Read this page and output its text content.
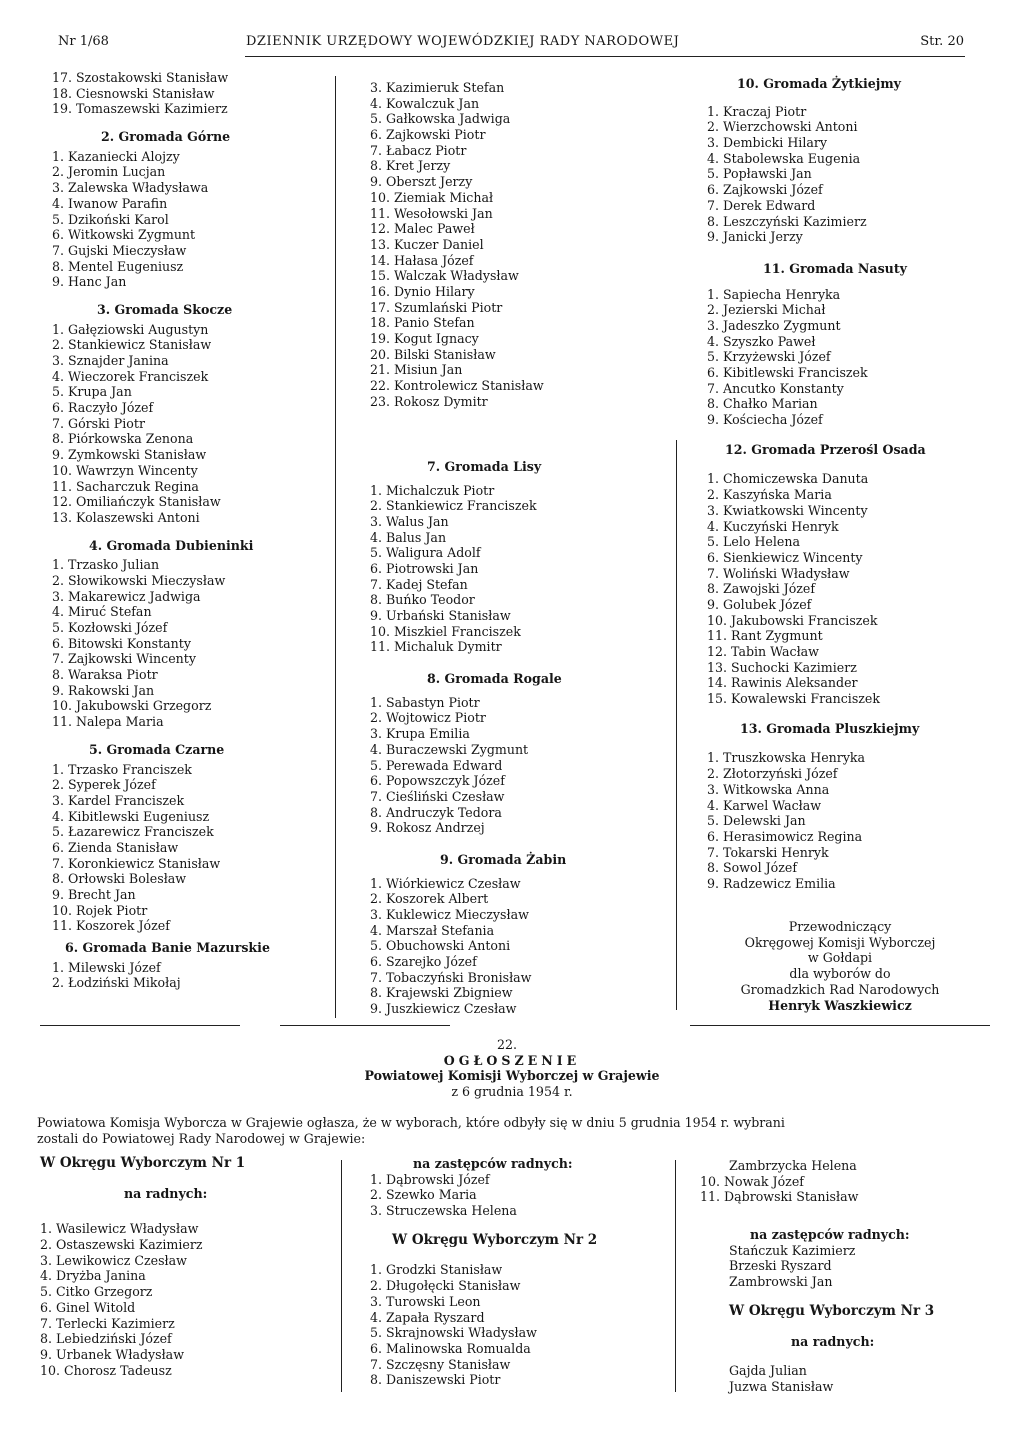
Nr 1/68	DZIENNIK URZĘDOWY WOJEWÓDZKIEJ RADY NARODOWEJ	Str. 20
17. Szostakowski Stanisław
18. Ciesnowski Stanisław
19. Tomaszewski Kazimierz
2. Gromada Górne
1. Kazaniecki Alojzy
2. Jeromin Lucjan
3. Zalewska Władysława
4. Iwanow Parafin
5. Dzikoński Karol
6. Witkowski Zygmunt
7. Gujski Mieczysław
8. Mentel Eugeniusz
9. Hanc Jan
3. Gromada Skocze
1. Gałęziowski Augustyn
2. Stankiewicz Stanisław
3. Sznajder Janina
4. Wieczorek Franciszek
5. Krupa Jan
6. Raczyło Józef
7. Górski Piotr
8. Piórkowska Zenona
9. Zymkowski Stanisław
10. Wawrzyn Wincenty
11. Sacharczuk Regina
12. Omiliańczyk Stanisław
13. Kolaszewski Antoni
4. Gromada Dubieninki
1. Trzasko Julian
2. Słowikowski Mieczysław
3. Makarewicz Jadwiga
4. Miruć Stefan
5. Kozłowski Józef
6. Bitowski Konstanty
7. Zajkowski Wincenty
8. Waraksa Piotr
9. Rakowski Jan
10. Jakubowski Grzegorz
11. Nalepa Maria
5. Gromada Czarne
1. Trzasko Franciszek
2. Syperek Józef
3. Kardel Franciszek
4. Kibitlewski Eugeniusz
5. Łazarewicz Franciszek
6. Zienda Stanisław
7. Koronkiewicz Stanisław
8. Orłowski Bolesław
9. Brecht Jan
10. Rojek Piotr
11. Koszorek Józef
6. Gromada Banie Mazurskie
1. Milewski Józef
2. Łodziński Mikołaj
3. Kazimieruk Stefan
4. Kowalczuk Jan
5. Gałkowska Jadwiga
6. Zajkowski Piotr
7. Łabacz Piotr
8. Kret Jerzy
9. Oberszt Jerzy
10. Ziemiak Michał
11. Wesołowski Jan
12. Malec Paweł
13. Kuczer Daniel
14. Hałasa Józef
15. Walczak Władysław
16. Dynio Hilary
17. Szumlański Piotr
18. Panio Stefan
19. Kogut Ignacy
20. Bilski Stanisław
21. Misiun Jan
22. Kontrolewicz Stanisław
23. Rokosz Dymitr
7. Gromada Lisy
1. Michalczuk Piotr
2. Stankiewicz Franciszek
3. Walus Jan
4. Balus Jan
5. Waligura Adolf
6. Piotrowski Jan
7. Kadej Stefan
8. Buńko Teodor
9. Urbański Stanisław
10. Miszkiel Franciszek
11. Michaluk Dymitr
8. Gromada Rogale
1. Sabastyn Piotr
2. Wojtowicz Piotr
3. Krupa Emilia
4. Buraczewski Zygmunt
5. Perewada Edward
6. Popowszczyk Józef
7. Cieśliński Czesław
8. Andruczyk Tedora
9. Rokosz Andrzej
9. Gromada Żabin
1. Wiórkiewicz Czesław
2. Koszorek Albert
3. Kuklewicz Mieczysław
4. Marszał Stefania
5. Obuchowski Antoni
6. Szarejko Józef
7. Tobaczyński Bronisław
8. Krajewski Zbigniew
9. Juszkiewicz Czesław
10. Gromada Żytkiejmy
1. Kraczaj Piotr
2. Wierzchowski Antoni
3. Dembicki Hilary
4. Stabolewska Eugenia
5. Popławski Jan
6. Zajkowski Józef
7. Derek Edward
8. Leszczyński Kazimierz
9. Janicki Jerzy
11. Gromada Nasuty
1. Sapiecha Henryka
2. Jezierski Michał
3. Jadeszko Zygmunt
4. Szyszko Paweł
5. Krzyżewski Józef
6. Kibitlewski Franciszek
7. Ancutko Konstanty
8. Chałko Marian
9. Kościecha Józef
12. Gromada Przerośl Osada
1. Chomiczewska Danuta
2. Kaszyńska Maria
3. Kwiatkowski Wincenty
4. Kuczyński Henryk
5. Lelo Helena
6. Sienkiewicz Wincenty
7. Woliński Władysław
8. Zawojski Józef
9. Golubek Józef
10. Jakubowski Franciszek
11. Rant Zygmunt
12. Tabin Wacław
13. Suchocki Kazimierz
14. Rawinis Aleksander
15. Kowalewski Franciszek
13. Gromada Pluszkiejmy
1. Truszkowska Henryka
2. Złotorzyński Józef
3. Witkowska Anna
4. Karwel Wacław
5. Delewski Jan
6. Herasimowicz Regina
7. Tokarski Henryk
8. Sowol Józef
9. Radzewicz Emilia
Przewodniczący
Okręgowej Komisji Wyborczej
w Gołdapi
dla wyborów do
Gromadzkich Rad Narodowych
Henryk Waszkiewicz
22.
OGŁOSZENIE
Powiatowej Komisji Wyborczej w Grajewie
z 6 grudnia 1954 r.
Powiatowa Komisja Wyborcza w Grajewie ogłasza, że w wyborach, które odbyły się w dniu 5 grudnia 1954 r. wybrani
zostali do Powiatowej Rady Narodowej w Grajewie:
W Okręgu Wyborczym Nr 1
na radnych:
1. Wasilewicz Władysław
2. Ostaszewski Kazimierz
3. Lewikowicz Czesław
4. Dryżba Janina
5. Citko Grzegorz
6. Ginel Witold
7. Terlecki Kazimierz
8. Lebiedziński Józef
9. Urbanek Władysław
10. Chorosz Tadeusz
na zastępców radnych:
1. Dąbrowski Józef
2. Szewko Maria
3. Struczewska Helena
W Okręgu Wyborczym Nr 2
1. Grodzki Stanisław
2. Długołęcki Stanisław
3. Turowski Leon
4. Zapała Ryszard
5. Skrajnowski Władysław
6. Malinowska Romualda
7. Szczęsny Stanisław
8. Daniszewski Piotr
Zambrzycka Helena
10. Nowak Józef
11. Dąbrowski Stanisław
na zastępców radnych:
Stańczuk Kazimierz
Brzeski Ryszard
Zambrowski Jan
W Okręgu Wyborczym Nr 3
na radnych:
Gajda Julian
Juzwa Stanisław
